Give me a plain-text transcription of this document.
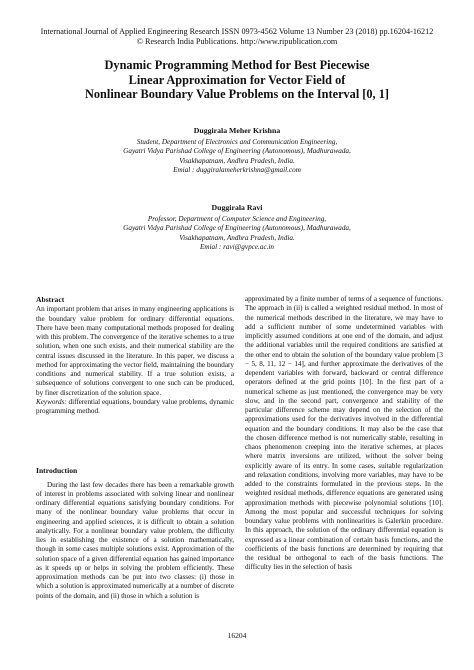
International Journal of Applied Engineering Research ISSN 0973-4562 Volume 13 Number 23 (2018) pp.16204-16212
© Research India Publications. http://www.ripublication.com
Dynamic Programming Method for Best Piecewise
Linear Approximation for Vector Field of
Nonlinear Boundary Value Problems on the Interval [0, 1]
Duggirala Meher Krishna
Student, Department of Electronics and Communication Engineering,
Gayatri Vidya Parishad College of Engineering (Autonomous), Madhurawada,
Visakhapatnam, Andhra Pradesh, India.
Emial : duggiralameherkrishna@gmail.com
Duggirala Ravi
Professor, Department of Computer Science and Engineering,
Gayatri Vidya Parishad College of Engineering (Autonomous), Madhurawada,
Visakhapatnam, Andhra Pradesh, India.
Emial : ravi@gvpce.ac.in
Abstract

An important problem that arises in many engineering applications is the boundary value problem for ordinary differential equations. There have been many computational methods proposed for dealing with this problem. The convergence of the iterative schemes to a true solution, when one such exists, and their numerical stability are the central issues discussed in the literature. In this paper, we discuss a method for approximating the vector field, maintaining the boundary conditions and numerical stability. If a true solution exists, a subsequence of solutions convergent to one such can be produced, by finer discretization of the solution space.

Keywords: differential equations, boundary value problems, dynamic programming method.

Introduction

During the last few decades there has been a remarkable growth of interest in problems associated with solving linear and nonlinear ordinary differential equations satisfying boundary conditions. For many of the nonlinear boundary value problems that occur in engineering and applied sciences, it is difficult to obtain a solution analytically. For a nonlinear boundary value problem, the difficulty lies in establishing the existence of a solution mathematically, though in some cases multiple solutions exist. Approximation of the solution space of a given differential equation has gained importance as it speeds up or helps in solving the problem efficiently. These approximation methods can be put into two classes: (i) those in which a solution is approximated numerically at a number of discrete points of the domain, and (ii) those in which a solution is

approximated by a finite number of terms of a sequence of functions. The approach in (ii) is called a weighted residual method. In most of the numerical methods described in the literature, we may have to add a sufficient number of some undetermined variables with implicitly assumed conditions at one end of the domain, and adjust the additional variables until the required conditions are satisfied at the other end to obtain the solution of the boundary value problem [3 − 5, 8, 11, 12 − 14], and further approximate the derivatives of the dependent variables with forward, backward or central difference operators defined at the grid points [10]. In the first part of a numerical scheme as just mentioned, the convergence may be very slow, and in the second part, convergence and stability of the particular difference scheme may depend on the selection of the approximations used for the derivatives involved in the differential equation and the boundary conditions. It may also be the case that the chosen difference method is not numerically stable, resulting in chaos phenomenon creeping into the iterative schemes, at places where matrix inversions are utilized, without the solver being explicitly aware of its entry. In some cases, suitable regularization and relaxation conditions, involving more variables, may have to be added to the constraints formulated in the previous steps. In the weighted residual methods, difference equations are generated using approximation methods with piecewise polynomial solutions [10]. Among the most popular and successful techniques for solving boundary value problems with nonlinearities is Galerkin procedure. In this approach, the solution of the ordinary differential equation is expressed as a linear combination of certain basis functions, and the coefficients of the basis functions are determined by requiring that the residual be orthogonal to each of the basis functions. The difficulty lies in the selection of basis

16204
